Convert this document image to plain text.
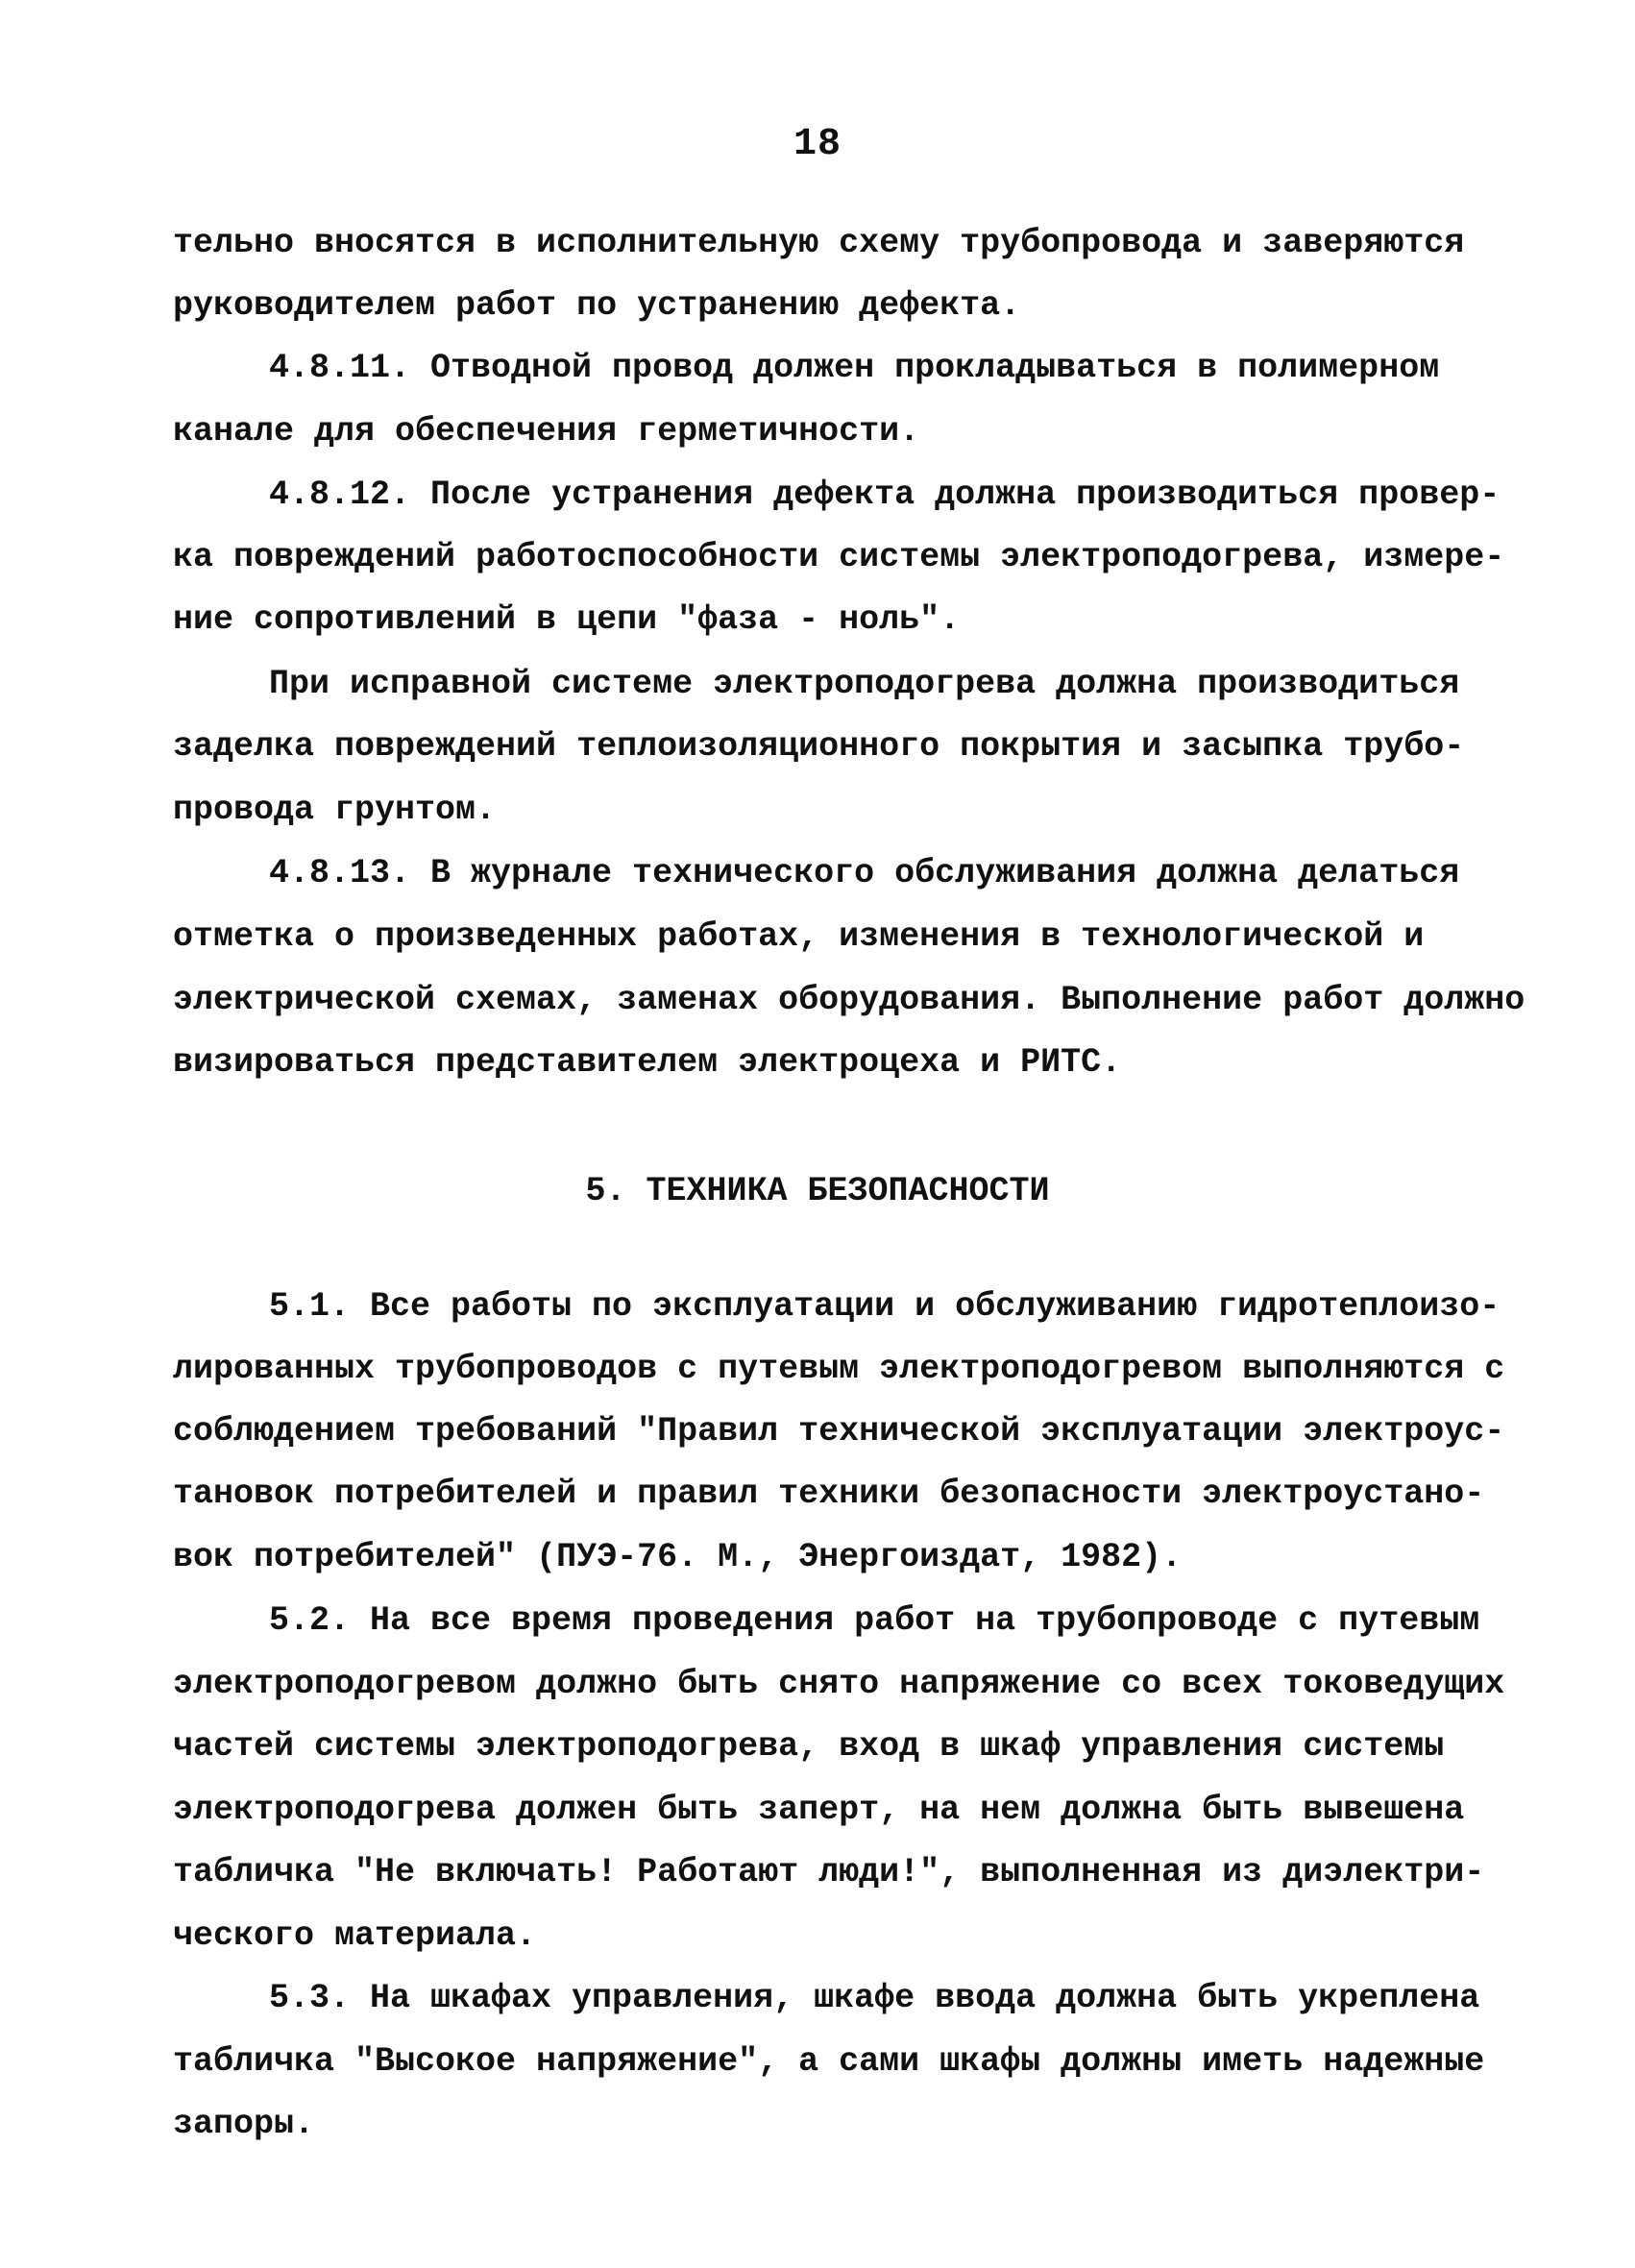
18
тельно вносятся в исполнительную схему трубопровода и заверяются
руководителем работ по устранению дефекта.
4.8.11. Отводной провод должен прокладываться в полимерном
канале для обеспечения герметичности.
4.8.12. После устранения дефекта должна производиться провер-
ка повреждений работоспособности системы электроподогрева, измере-
ние сопротивлений в цепи "фаза - ноль".
При исправной системе электроподогрева должна производиться
заделка повреждений теплоизоляционного покрытия и засыпка трубо-
провода грунтом.
4.8.13. В журнале технического обслуживания должна делаться
отметка о произведенных работах, изменения в технологической и
электрической схемах, заменах оборудования. Выполнение работ должно
визироваться представителем электроцеха и РИТС.
5. ТЕХНИКА БЕЗОПАСНОСТИ
5.1. Все работы по эксплуатации и обслуживанию гидротеплоизо-
лированных трубопроводов с путевым электроподогревом выполняются с
соблюдением требований "Правил технической эксплуатации электроус-
тановок потребителей и правил техники безопасности электроустано-
вок потребителей" (ПУЭ-76. М., Энергоиздат, 1982).
5.2. На все время проведения работ на трубопроводе с путевым
электроподогревом должно быть снято напряжение со всех токоведущих
частей системы электроподогрева, вход в шкаф управления системы
электроподогрева должен быть заперт, на нем должна быть вывешена
табличка "Не включать! Работают люди!", выполненная из диэлектри-
ческого материала.
5.3. На шкафах управления, шкафе ввода должна быть укреплена
табличка "Высокое напряжение", а сами шкафы должны иметь надежные
запоры.
